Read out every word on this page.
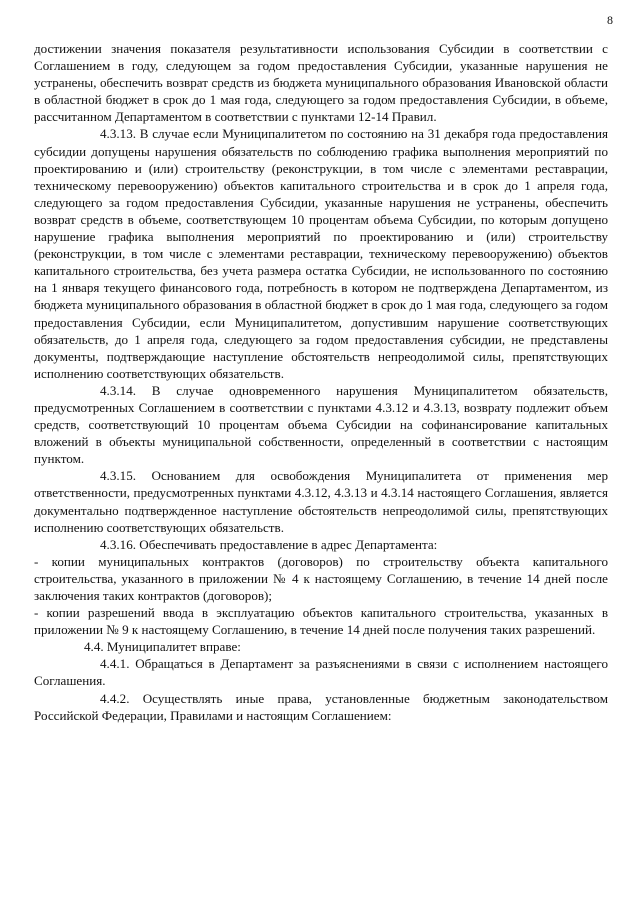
8

достижении значения показателя результативности использования Субсидии в соответствии с Соглашением в году, следующем за годом предоставления Субсидии, указанные нарушения не устранены, обеспечить возврат средств из бюджета муниципального образования Ивановской области в областной бюджет в срок до 1 мая года, следующего за годом предоставления Субсидии, в объеме, рассчитанном Департаментом в соответствии с пунктами 12-14 Правил.

4.3.13. В случае если Муниципалитетом по состоянию на 31 декабря года предоставления субсидии допущены нарушения обязательств по соблюдению графика выполнения мероприятий по проектированию и (или) строительству (реконструкции, в том числе с элементами реставрации, техническому перевооружению) объектов капитального строительства и в срок до 1 апреля года, следующего за годом предоставления Субсидии, указанные нарушения не устранены, обеспечить возврат средств в объеме, соответствующем 10 процентам объема Субсидии, по которым допущено нарушение графика выполнения мероприятий по проектированию и (или) строительству (реконструкции, в том числе с элементами реставрации, техническому перевооружению) объектов капитального строительства, без учета размера остатка Субсидии, не использованного по состоянию на 1 января текущего финансового года, потребность в котором не подтверждена Департаментом, из бюджета муниципального образования в областной бюджет в срок до 1 мая года, следующего за годом предоставления Субсидии, если Муниципалитетом, допустившим нарушение соответствующих обязательств, до 1 апреля года, следующего за годом предоставления субсидии, не представлены документы, подтверждающие наступление обстоятельств непреодолимой силы, препятствующих исполнению соответствующих обязательств.

4.3.14. В случае одновременного нарушения Муниципалитетом обязательств, предусмотренных Соглашением в соответствии с пунктами 4.3.12 и 4.3.13, возврату подлежит объем средств, соответствующий 10 процентам объема Субсидии на софинансирование капитальных вложений в объекты муниципальной собственности, определенный в соответствии с настоящим пунктом.

4.3.15. Основанием для освобождения Муниципалитета от применения мер ответственности, предусмотренных пунктами 4.3.12, 4.3.13 и 4.3.14 настоящего Соглашения, является документально подтвержденное наступление обстоятельств непреодолимой силы, препятствующих исполнению соответствующих обязательств.

4.3.16. Обеспечивать предоставление в адрес Департамента:

- копии муниципальных контрактов (договоров) по строительству объекта капитального строительства, указанного в приложении № 4 к настоящему Соглашению, в течение 14 дней после заключения таких контрактов (договоров);

- копии разрешений ввода в эксплуатацию объектов капитального строительства, указанных в приложении № 9 к настоящему Соглашению, в течение 14 дней после получения таких разрешений.

4.4. Муниципалитет вправе:

4.4.1. Обращаться в Департамент за разъяснениями в связи с исполнением настоящего Соглашения.

4.4.2. Осуществлять иные права, установленные бюджетным законодательством Российской Федерации, Правилами и настоящим Соглашением:
